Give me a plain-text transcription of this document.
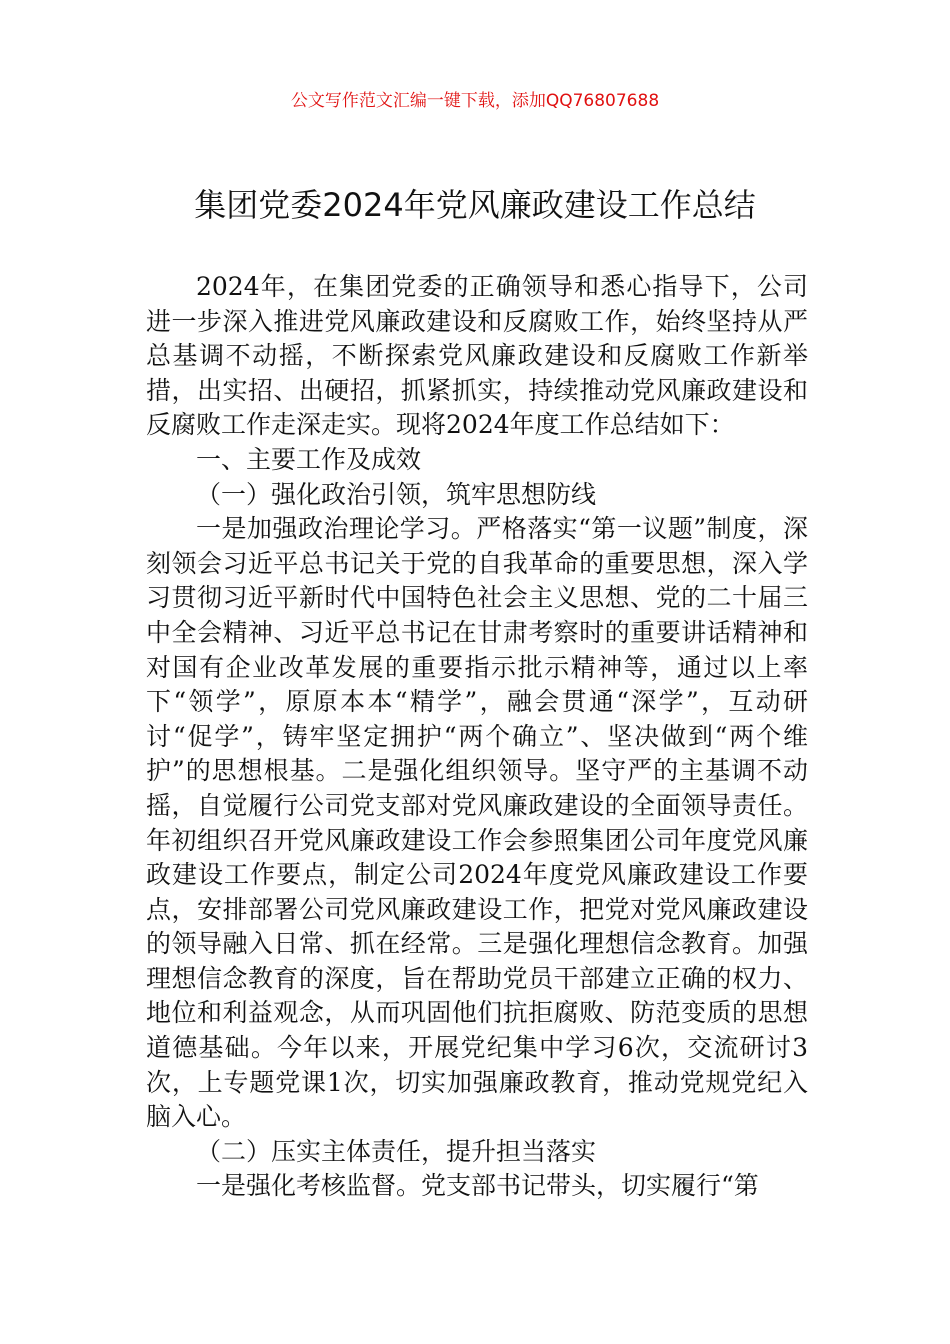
公文写作范文汇编一键下载，添加QQ76807688
集团党委2024年党风廉政建设工作总结

2024年，在集团党委的正确领导和悉心指导下，公司进一步深入推进党风廉政建设和反腐败工作，始终坚持从严总基调不动摇，不断探索党风廉政建设和反腐败工作新举措，出实招、出硬招，抓紧抓实，持续推动党风廉政建设和反腐败工作走深走实。现将2024年度工作总结如下：

一、主要工作及成效

（一）强化政治引领，筑牢思想防线

一是加强政治理论学习。严格落实“第一议题”制度，深刻领会习近平总书记关于党的自我革命的重要思想，深入学习贯彻习近平新时代中国特色社会主义思想、党的二十届三中全会精神、习近平总书记在甘肃考察时的重要讲话精神和对国有企业改革发展的重要指示批示精神等，通过以上率下“领学”，原原本本“精学”，融会贯通“深学”，互动研讨“促学”，铸牢坚定拥护“两个确立”、坚决做到“两个维护”的思想根基。二是强化组织领导。坚守严的主基调不动摇，自觉履行公司党支部对党风廉政建设的全面领导责任。年初组织召开党风廉政建设工作会参照集团公司年度党风廉政建设工作要点，制定公司2024年度党风廉政建设工作要点，安排部署公司党风廉政建设工作，把党对党风廉政建设的领导融入日常、抓在经常。三是强化理想信念教育。加强理想信念教育的深度，旨在帮助党员干部建立正确的权力、地位和利益观念，从而巩固他们抗拒腐败、防范变质的思想道德基础。今年以来，开展党纪集中学习6次，交流研讨3次，上专题党课1次，切实加强廉政教育，推动党规党纪入脑入心。

（二）压实主体责任，提升担当落实

一是强化考核监督。党支部书记带头，切实履行“第
